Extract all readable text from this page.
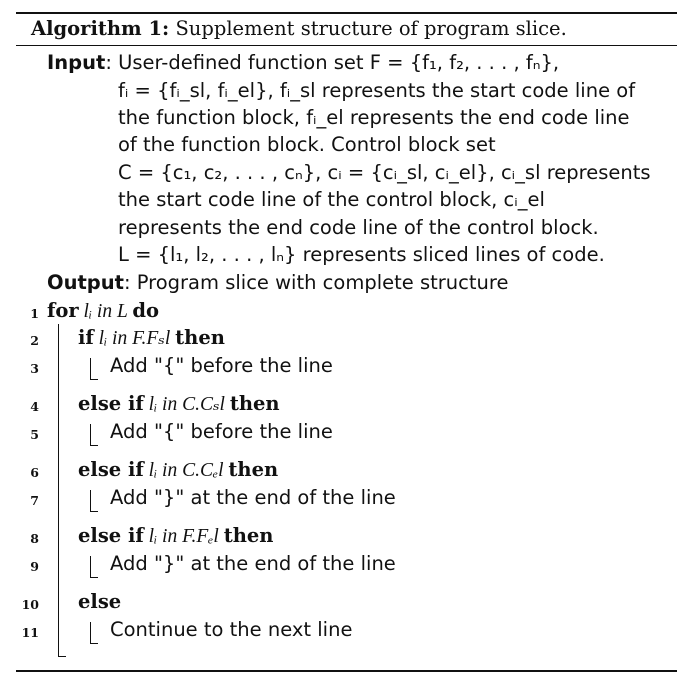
Algorithm 1: Supplement structure of program slice.
Input: User-defined function set F = {f₁, f₂, . . . , fₙ},
fᵢ = {fᵢ_sl, fᵢ_el}, fᵢ_sl represents the start code line of
the function block, fᵢ_el represents the end code line
of the function block. Control block set
C = {c₁, c₂, . . . , cₙ}, cᵢ = {cᵢ_sl, cᵢ_el}, cᵢ_sl represents
the start code line of the control block, cᵢ_el
represents the end code line of the control block.
L = {l₁, l₂, . . . , lₙ} represents sliced lines of code.
Output: Program slice with complete structure
1 for lᵢ in L do
2 if lᵢ in F.Fₛl then
3	Add "{" before the line
4 else if lᵢ in C.Cₛl then
5	Add "{" before the line
6 else if lᵢ in C.Cₑl then
7	Add "}" at the end of the line
8 else if lᵢ in F.Fₑl then
9	Add "}" at the end of the line
10 else
11	Continue to the next line
